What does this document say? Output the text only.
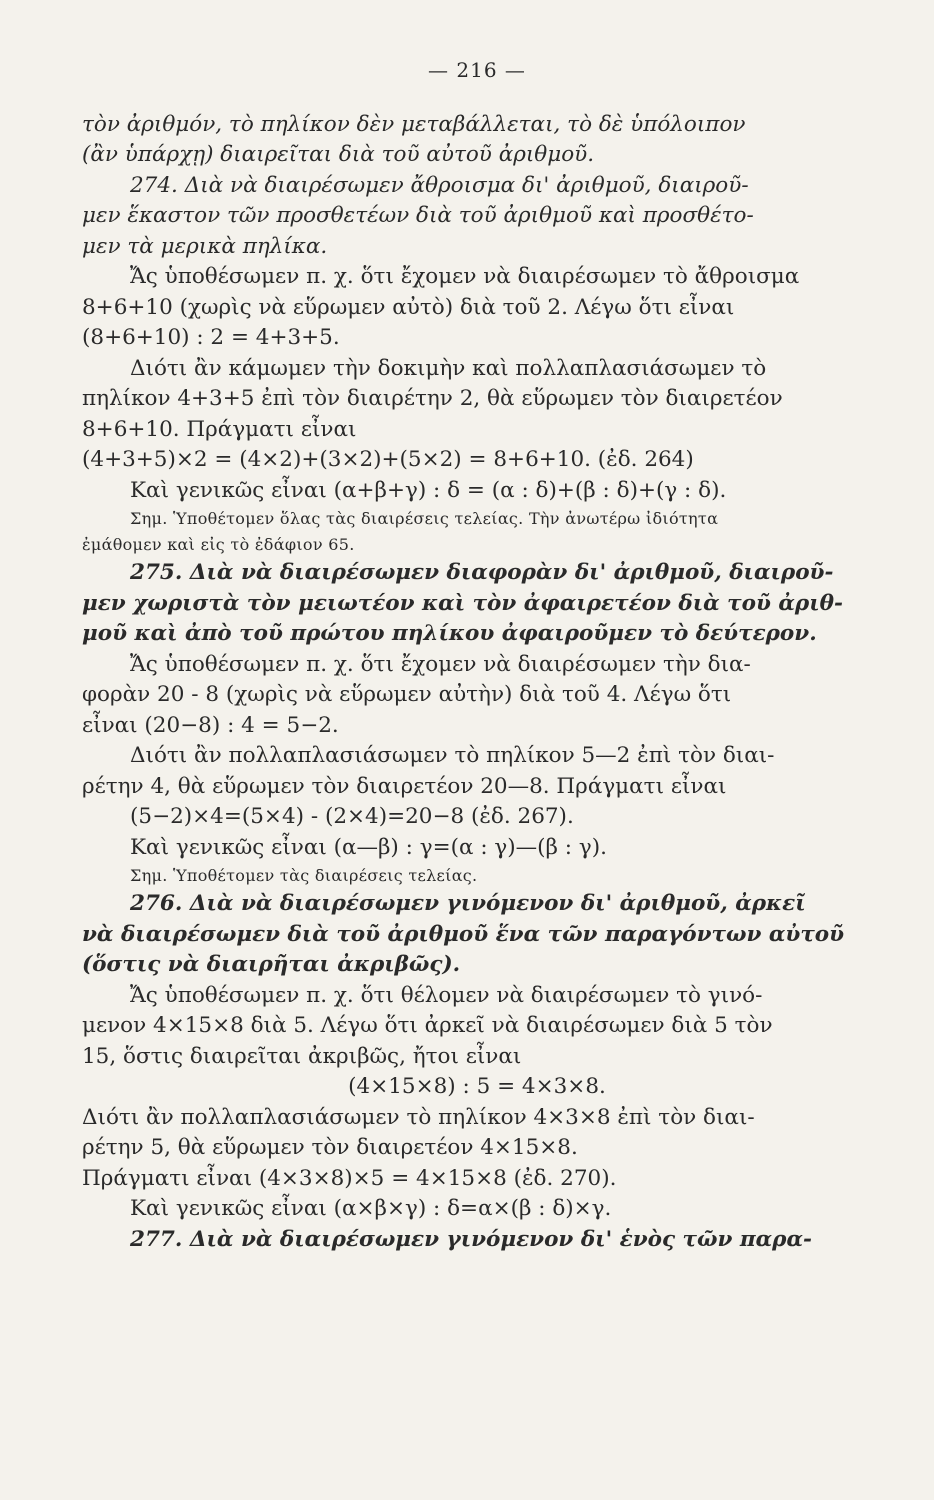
— 216 —
τὸν ἀριθμόν, τὸ πηλίκον δὲν μεταβάλλεται, τὸ δὲ ὑπόλοιπον
(ἂν ὑπάρχῃ) διαιρεῖται διὰ τοῦ αὐτοῦ ἀριθμοῦ.
274. Διὰ νὰ διαιρέσωμεν ἄθροισμα δι' ἀριθμοῦ, διαιροῦ-
μεν ἕκαστον τῶν προσθετέων διὰ τοῦ ἀριθμοῦ καὶ προσθέτο-
μεν τὰ μερικὰ πηλίκα.
Ἄς ὑποθέσωμεν π. χ. ὅτι ἔχομεν νὰ διαιρέσωμεν τὸ ἄθροισμα
8+6+10 (χωρὶς νὰ εὕρωμεν αὐτὸ) διὰ τοῦ 2. Λέγω ὅτι εἶναι
(8+6+10) : 2 = 4+3+5.
Διότι ἂν κάμωμεν τὴν δοκιμὴν καὶ πολλαπλασιάσωμεν τὸ
πηλίκον 4+3+5 ἐπὶ τὸν διαιρέτην 2, θὰ εὕρωμεν τὸν διαιρετέον
8+6+10. Πράγματι εἶναι
(4+3+5)×2 = (4×2)+(3×2)+(5×2) = 8+6+10. (ἐδ. 264)
Καὶ γενικῶς εἶναι (α+β+γ) : δ = (α : δ)+(β : δ)+(γ : δ).
Σημ. Ὑποθέτομεν ὅλας τὰς διαιρέσεις τελείας. Τὴν ἀνωτέρω ἰδιότητα
ἐμάθομεν καὶ εἰς τὸ ἐδάφιον 65.
275. Διὰ νὰ διαιρέσωμεν διαφορὰν δι' ἀριθμοῦ, διαιροῦ-
μεν χωριστὰ τὸν μειωτέον καὶ τὸν ἀφαιρετέον διὰ τοῦ ἀριθ-
μοῦ καὶ ἀπὸ τοῦ πρώτου πηλίκου ἀφαιροῦμεν τὸ δεύτερον.
Ἄς ὑποθέσωμεν π. χ. ὅτι ἔχομεν νὰ διαιρέσωμεν τὴν δια-
φορὰν 20 - 8 (χωρὶς νὰ εὕρωμεν αὐτὴν) διὰ τοῦ 4. Λέγω ὅτι
εἶναι (20−8) : 4 = 5−2.
Διότι ἂν πολλαπλασιάσωμεν τὸ πηλίκον 5—2 ἐπὶ τὸν διαι-
ρέτην 4, θὰ εὕρωμεν τὸν διαιρετέον 20—8. Πράγματι εἶναι
(5−2)×4=(5×4) - (2×4)=20−8 (ἐδ. 267).
Καὶ γενικῶς εἶναι (α—β) : γ=(α : γ)—(β : γ).
Σημ. Ὑποθέτομεν τὰς διαιρέσεις τελείας.
276. Διὰ νὰ διαιρέσωμεν γινόμενον δι' ἀριθμοῦ, ἀρκεῖ
νὰ διαιρέσωμεν διὰ τοῦ ἀριθμοῦ ἕνα τῶν παραγόντων αὐτοῦ
(ὅστις νὰ διαιρῆται ἀκριβῶς).
Ἄς ὑποθέσωμεν π. χ. ὅτι θέλομεν νὰ διαιρέσωμεν τὸ γινό-
μενον 4×15×8 διὰ 5. Λέγω ὅτι ἀρκεῖ νὰ διαιρέσωμεν διὰ 5 τὸν
15, ὅστις διαιρεῖται ἀκριβῶς, ἤτοι εἶναι
(4×15×8) : 5 = 4×3×8.
Διότι ἂν πολλαπλασιάσωμεν τὸ πηλίκον 4×3×8 ἐπὶ τὸν διαι-
ρέτην 5, θὰ εὕρωμεν τὸν διαιρετέον 4×15×8.
Πράγματι εἶναι (4×3×8)×5 = 4×15×8 (ἐδ. 270).
Καὶ γενικῶς εἶναι (α×β×γ) : δ=α×(β : δ)×γ.
277. Διὰ νὰ διαιρέσωμεν γινόμενον δι' ἑνὸς τῶν παρα-
